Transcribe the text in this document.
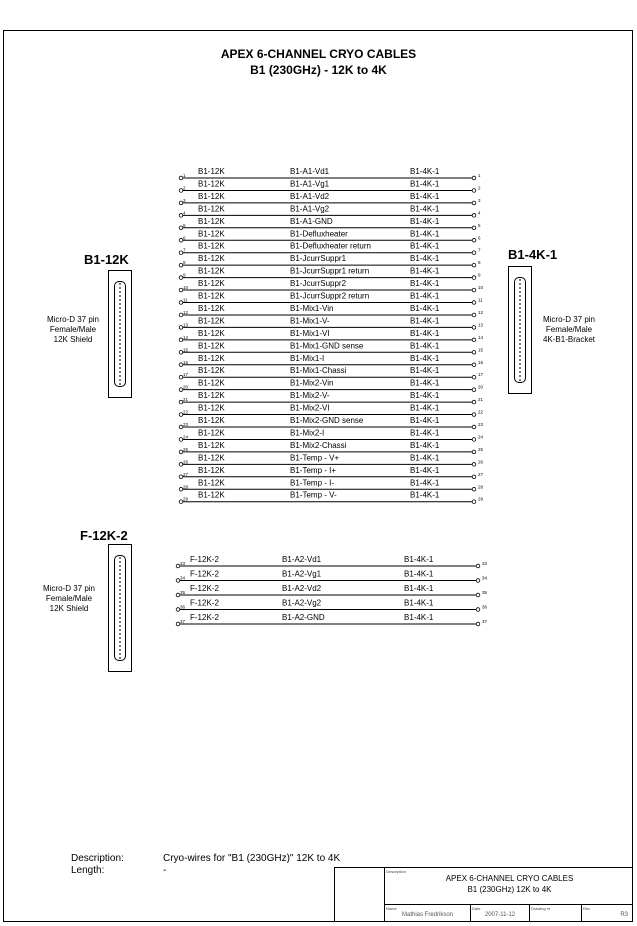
APEX 6-CHANNEL CRYO CABLES
B1 (230GHz) - 12K to 4K
B1-12K
Micro-D 37 pin
Female/Male
12K Shield
B1-4K-1
Micro-D 37 pin
Female/Male
4K-B1-Bracket
F-12K-2
Micro-D 37 pin
Female/Male
12K Shield
1	1
B1-12K	B1-A1-Vd1	B1-4K-1
2	2
B1-12K	B1-A1-Vg1	B1-4K-1
3	3
B1-12K	B1-A1-Vd2	B1-4K-1
4	4
B1-12K	B1-A1-Vg2	B1-4K-1
5	5
B1-12K	B1-A1-GND	B1-4K-1
6	6
B1-12K	B1-Defluxheater	B1-4K-1
7	7
B1-12K	B1-Defluxheater return	B1-4K-1
8	8
B1-12K	B1-JcurrSuppr1	B1-4K-1
9	9
B1-12K	B1-JcurrSuppr1 return	B1-4K-1
10	10
B1-12K	B1-JcurrSuppr2	B1-4K-1
11	11
B1-12K	B1-JcurrSuppr2 return	B1-4K-1
12	12
B1-12K	B1-Mix1-Vin	B1-4K-1
13	13
B1-12K	B1-Mix1-V-	B1-4K-1
14	14
B1-12K	B1-Mix1-VI	B1-4K-1
15	15
B1-12K	B1-Mix1-GND sense	B1-4K-1
16	16
B1-12K	B1-Mix1-I	B1-4K-1
17	17
B1-12K	B1-Mix1-Chassi	B1-4K-1
20	20
B1-12K	B1-Mix2-Vin	B1-4K-1
21	21
B1-12K	B1-Mix2-V-	B1-4K-1
22	22
B1-12K	B1-Mix2-VI	B1-4K-1
23	23
B1-12K	B1-Mix2-GND sense	B1-4K-1
24	24
B1-12K	B1-Mix2-I	B1-4K-1
25	25
B1-12K	B1-Mix2-Chassi	B1-4K-1
26	26
B1-12K	B1-Temp - V+	B1-4K-1
27	27
B1-12K	B1-Temp - I+	B1-4K-1
28	28
B1-12K	B1-Temp - I-	B1-4K-1
29	29
B1-12K	B1-Temp - V-	B1-4K-1
33	33
F-12K-2	B1-A2-Vd1	B1-4K-1
34	34
F-12K-2	B1-A2-Vg1	B1-4K-1
35	35
F-12K-2	B1-A2-Vd2	B1-4K-1
36	36
F-12K-2	B1-A2-Vg2	B1-4K-1
37	37
F-12K-2	B1-A2-GND	B1-4K-1
Description:	Cryo-wires for "B1 (230GHz)" 12K to 4K
Length:	-	Description
APEX 6-CHANNEL CRYO CABLES
B1 (230GHz) 12K to 4K
Name
Mathias Fredrikson
Date
2007-11-12
Drawing nr	Rev
R3
